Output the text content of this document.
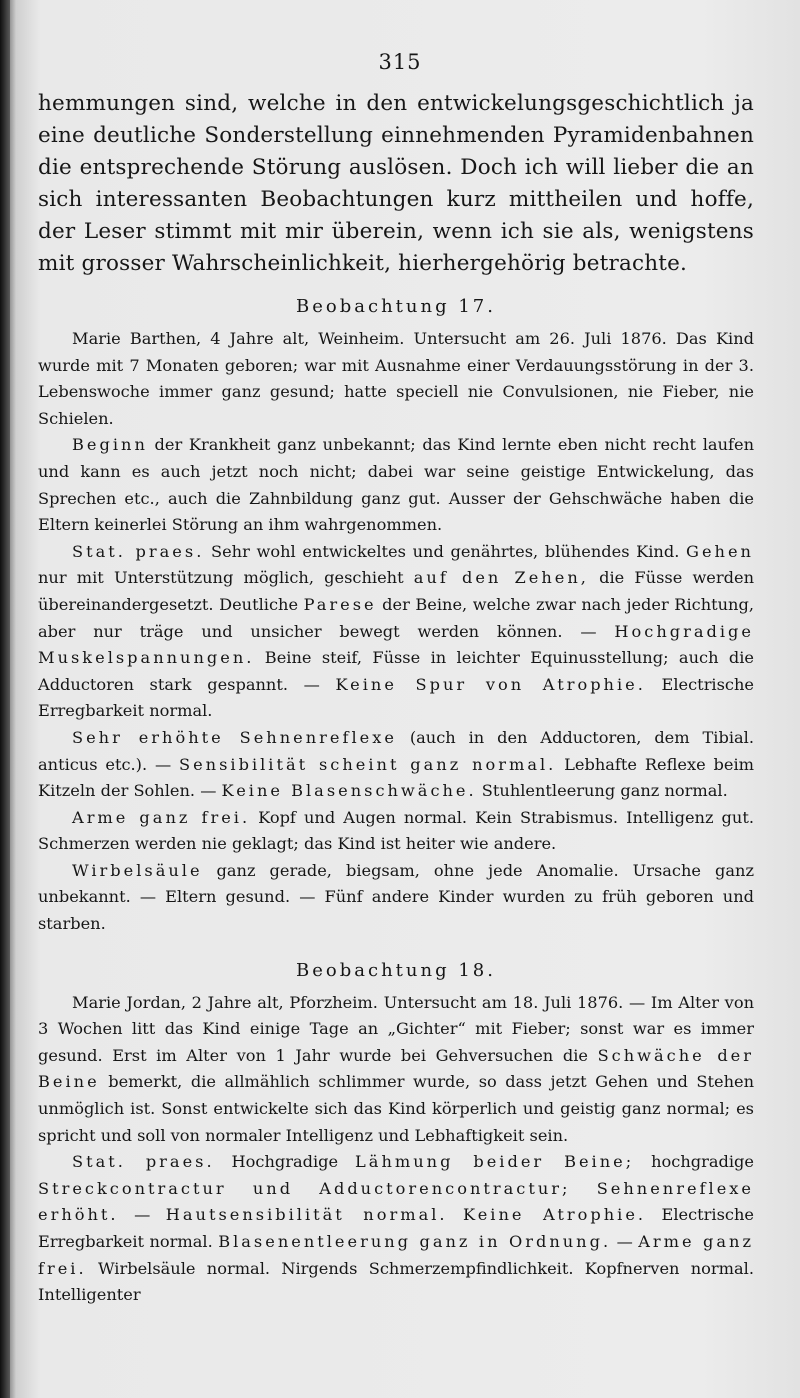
315

hemmungen sind, welche in den entwickelungsgeschichtlich ja eine deutliche Sonderstellung einnehmenden Pyramidenbahnen die entsprechende Störung auslösen. Doch ich will lieber die an sich interessanten Beobachtungen kurz mittheilen und hoffe, der Leser stimmt mit mir überein, wenn ich sie als, wenigstens mit grosser Wahrscheinlichkeit, hierhergehörig betrachte.

Beobachtung 17.

Marie Barthen, 4 Jahre alt, Weinheim. Untersucht am 26. Juli 1876. Das Kind wurde mit 7 Monaten geboren; war mit Ausnahme einer Verdauungsstörung in der 3. Lebenswoche immer ganz gesund; hatte speciell nie Convulsionen, nie Fieber, nie Schielen.

Beginn der Krankheit ganz unbekannt; das Kind lernte eben nicht recht laufen und kann es auch jetzt noch nicht; dabei war seine geistige Entwickelung, das Sprechen etc., auch die Zahnbildung ganz gut. Ausser der Gehschwäche haben die Eltern keinerlei Störung an ihm wahrgenommen.

Stat. praes. Sehr wohl entwickeltes und genährtes, blühendes Kind. Gehen nur mit Unterstützung möglich, geschieht auf den Zehen, die Füsse werden übereinandergesetzt. Deutliche Parese der Beine, welche zwar nach jeder Richtung, aber nur träge und unsicher bewegt werden können. — Hochgradige Muskelspannungen. Beine steif, Füsse in leichter Equinusstellung; auch die Adductoren stark gespannt. — Keine Spur von Atrophie. Electrische Erregbarkeit normal.

Sehr erhöhte Sehnenreflexe (auch in den Adductoren, dem Tibial. anticus etc.). — Sensibilität scheint ganz normal. Lebhafte Reflexe beim Kitzeln der Sohlen. — Keine Blasenschwäche. Stuhlentleerung ganz normal.

Arme ganz frei. Kopf und Augen normal. Kein Strabismus. Intelligenz gut. Schmerzen werden nie geklagt; das Kind ist heiter wie andere.

Wirbelsäule ganz gerade, biegsam, ohne jede Anomalie. Ursache ganz unbekannt. — Eltern gesund. — Fünf andere Kinder wurden zu früh geboren und starben.

Beobachtung 18.

Marie Jordan, 2 Jahre alt, Pforzheim. Untersucht am 18. Juli 1876. — Im Alter von 3 Wochen litt das Kind einige Tage an „Gichter“ mit Fieber; sonst war es immer gesund. Erst im Alter von 1 Jahr wurde bei Gehversuchen die Schwäche der Beine bemerkt, die allmählich schlimmer wurde, so dass jetzt Gehen und Stehen unmöglich ist. Sonst entwickelte sich das Kind körperlich und geistig ganz normal; es spricht und soll von normaler Intelligenz und Lebhaftigkeit sein.

Stat. praes. Hochgradige Lähmung beider Beine; hochgradige Streckcontractur und Adductorencontractur; Sehnenreflexe erhöht. — Hautsensibilität normal. Keine Atrophie. Electrische Erregbarkeit normal. Blasenentleerung ganz in Ordnung. — Arme ganz frei. Wirbelsäule normal. Nirgends Schmerzempfindlichkeit. Kopfnerven normal. Intelligenter
